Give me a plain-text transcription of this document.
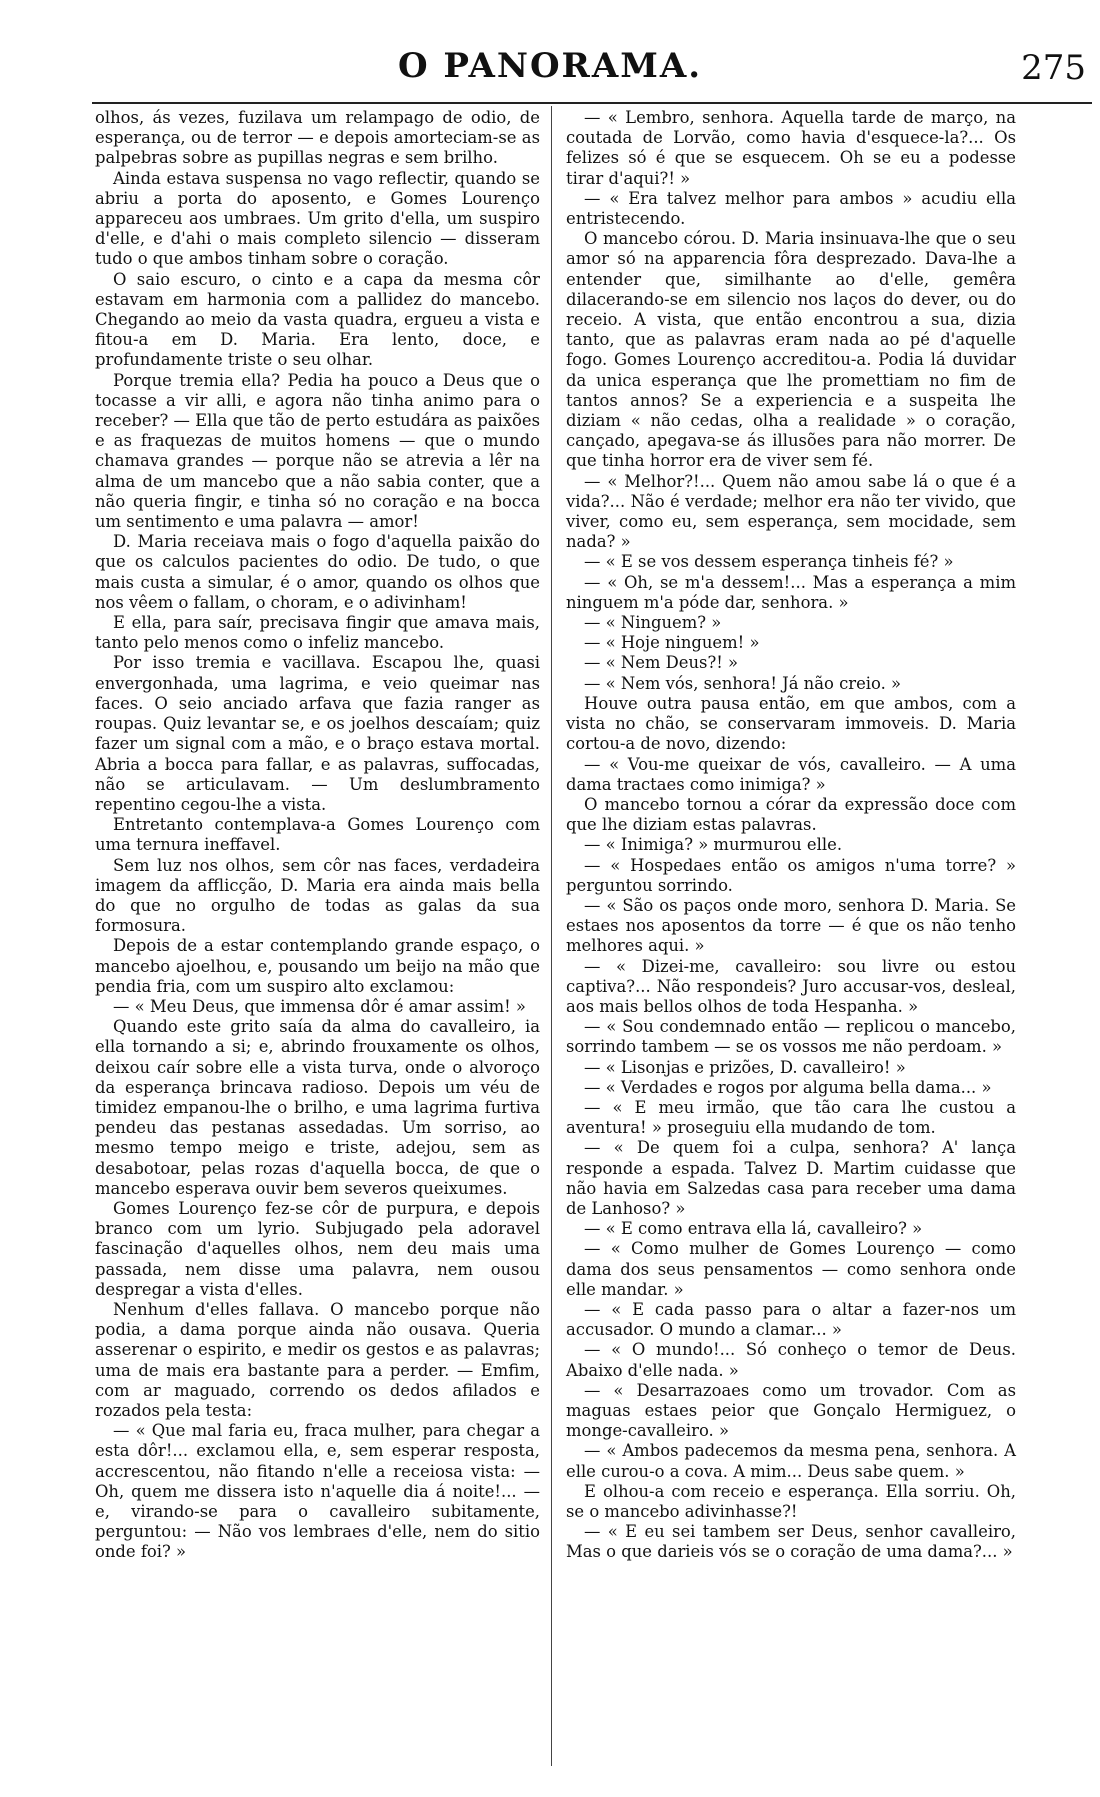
O PANORAMA.	275

olhos, ás vezes, fuzilava um relampago de odio, de esperança, ou de terror — e depois amorteciam-se as palpebras sobre as pupillas negras e sem brilho.

Ainda estava suspensa no vago reflectir, quando se abriu a porta do aposento, e Gomes Lourenço appareceu aos umbraes. Um grito d'ella, um suspiro d'elle, e d'ahi o mais completo silencio — disseram tudo o que ambos tinham sobre o coração.

O saio escuro, o cinto e a capa da mesma côr estavam em harmonia com a pallidez do mancebo. Chegando ao meio da vasta quadra, ergueu a vista e fitou-a em D. Maria. Era lento, doce, e profundamente triste o seu olhar.

Porque tremia ella? Pedia ha pouco a Deus que o tocasse a vir alli, e agora não tinha animo para o receber? — Ella que tão de perto estudára as paixões e as fraquezas de muitos homens — que o mundo chamava grandes — porque não se atrevia a lêr na alma de um mancebo que a não sabia conter, que a não queria fingir, e tinha só no coração e na bocca um sentimento e uma palavra — amor!

D. Maria receiava mais o fogo d'aquella paixão do que os calculos pacientes do odio. De tudo, o que mais custa a simular, é o amor, quando os olhos que nos vêem o fallam, o choram, e o adivinham!

E ella, para saír, precisava fingir que amava mais, tanto pelo menos como o infeliz mancebo.

Por isso tremia e vacillava. Escapou lhe, quasi envergonhada, uma lagrima, e veio queimar nas faces. O seio anciado arfava que fazia ranger as roupas. Quiz levantar se, e os joelhos descaíam; quiz fazer um signal com a mão, e o braço estava mortal. Abria a bocca para fallar, e as palavras, suffocadas, não se articulavam. — Um deslumbramento repentino cegou-lhe a vista.

Entretanto contemplava-a Gomes Lourenço com uma ternura ineffavel.

Sem luz nos olhos, sem côr nas faces, verdadeira imagem da afflicção, D. Maria era ainda mais bella do que no orgulho de todas as galas da sua formosura.

Depois de a estar contemplando grande espaço, o mancebo ajoelhou, e, pousando um beijo na mão que pendia fria, com um suspiro alto exclamou:

— « Meu Deus, que immensa dôr é amar assim! »

Quando este grito saía da alma do cavalleiro, ia ella tornando a si; e, abrindo frouxamente os olhos, deixou caír sobre elle a vista turva, onde o alvoroço da esperança brincava radioso. Depois um véu de timidez empanou-lhe o brilho, e uma lagrima furtiva pendeu das pestanas assedadas. Um sorriso, ao mesmo tempo meigo e triste, adejou, sem as desabotoar, pelas rozas d'aquella bocca, de que o mancebo esperava ouvir bem severos queixumes.

Gomes Lourenço fez-se côr de purpura, e depois branco com um lyrio. Subjugado pela adoravel fascinação d'aquelles olhos, nem deu mais uma passada, nem disse uma palavra, nem ousou despregar a vista d'elles.

Nenhum d'elles fallava. O mancebo porque não podia, a dama porque ainda não ousava. Queria asserenar o espirito, e medir os gestos e as palavras; uma de mais era bastante para a perder. — Emfim, com ar maguado, correndo os dedos afilados e rozados pela testa:

— « Que mal faria eu, fraca mulher, para chegar a esta dôr!... exclamou ella, e, sem esperar resposta, accrescentou, não fitando n'elle a receiosa vista: — Oh, quem me dissera isto n'aquelle dia á noite!... — e, virando-se para o cavalleiro subitamente, perguntou: — Não vos lembraes d'elle, nem do sitio onde foi? »

— « Lembro, senhora. Aquella tarde de março, na coutada de Lorvão, como havia d'esquece-la?... Os felizes só é que se esquecem. Oh se eu a podesse tirar d'aqui?! »

— « Era talvez melhor para ambos » acudiu ella entristecendo.

O mancebo córou. D. Maria insinuava-lhe que o seu amor só na apparencia fôra desprezado. Dava-lhe a entender que, similhante ao d'elle, gemêra dilacerando-se em silencio nos laços do dever, ou do receio. A vista, que então encontrou a sua, dizia tanto, que as palavras eram nada ao pé d'aquelle fogo. Gomes Lourenço accreditou-a. Podia lá duvidar da unica esperança que lhe promettiam no fim de tantos annos? Se a experiencia e a suspeita lhe diziam « não cedas, olha a realidade » o coração, cançado, apegava-se ás illusões para não morrer. De que tinha horror era de viver sem fé.

— « Melhor?!... Quem não amou sabe lá o que é a vida?... Não é verdade; melhor era não ter vivido, que viver, como eu, sem esperança, sem mocidade, sem nada? »

— « E se vos dessem esperança tinheis fé? »

— « Oh, se m'a dessem!... Mas a esperança a mim ninguem m'a póde dar, senhora. »

— « Ninguem? »

— « Hoje ninguem! »

— « Nem Deus?! »

— « Nem vós, senhora! Já não creio. »

Houve outra pausa então, em que ambos, com a vista no chão, se conservaram immoveis. D. Maria cortou-a de novo, dizendo:

— « Vou-me queixar de vós, cavalleiro. — A uma dama tractaes como inimiga? »

O mancebo tornou a córar da expressão doce com que lhe diziam estas palavras.

— « Inimiga? » murmurou elle.

— « Hospedaes então os amigos n'uma torre? » perguntou sorrindo.

— « São os paços onde moro, senhora D. Maria. Se estaes nos aposentos da torre — é que os não tenho melhores aqui. »

— « Dizei-me, cavalleiro: sou livre ou estou captiva?... Não respondeis? Juro accusar-vos, desleal, aos mais bellos olhos de toda Hespanha. »

— « Sou condemnado então — replicou o mancebo, sorrindo tambem — se os vossos me não perdoam. »

— « Lisonjas e prizões, D. cavalleiro! »

— « Verdades e rogos por alguma bella dama... »

— « E meu irmão, que tão cara lhe custou a aventura! » proseguiu ella mudando de tom.

— « De quem foi a culpa, senhora? A' lança responde a espada. Talvez D. Martim cuidasse que não havia em Salzedas casa para receber uma dama de Lanhoso? »

— « E como entrava ella lá, cavalleiro? »

— « Como mulher de Gomes Lourenço — como dama dos seus pensamentos — como senhora onde elle mandar. »

— « E cada passo para o altar a fazer-nos um accusador. O mundo a clamar... »

— « O mundo!... Só conheço o temor de Deus. Abaixo d'elle nada. »

— « Desarrazoaes como um trovador. Com as maguas estaes peior que Gonçalo Hermiguez, o monge-cavalleiro. »

— « Ambos padecemos da mesma pena, senhora. A elle curou-o a cova. A mim... Deus sabe quem. »

E olhou-a com receio e esperança. Ella sorriu. Oh, se o mancebo adivinhasse?!

— « E eu sei tambem ser Deus, senhor cavalleiro, Mas o que darieis vós se o coração de uma dama?... »
